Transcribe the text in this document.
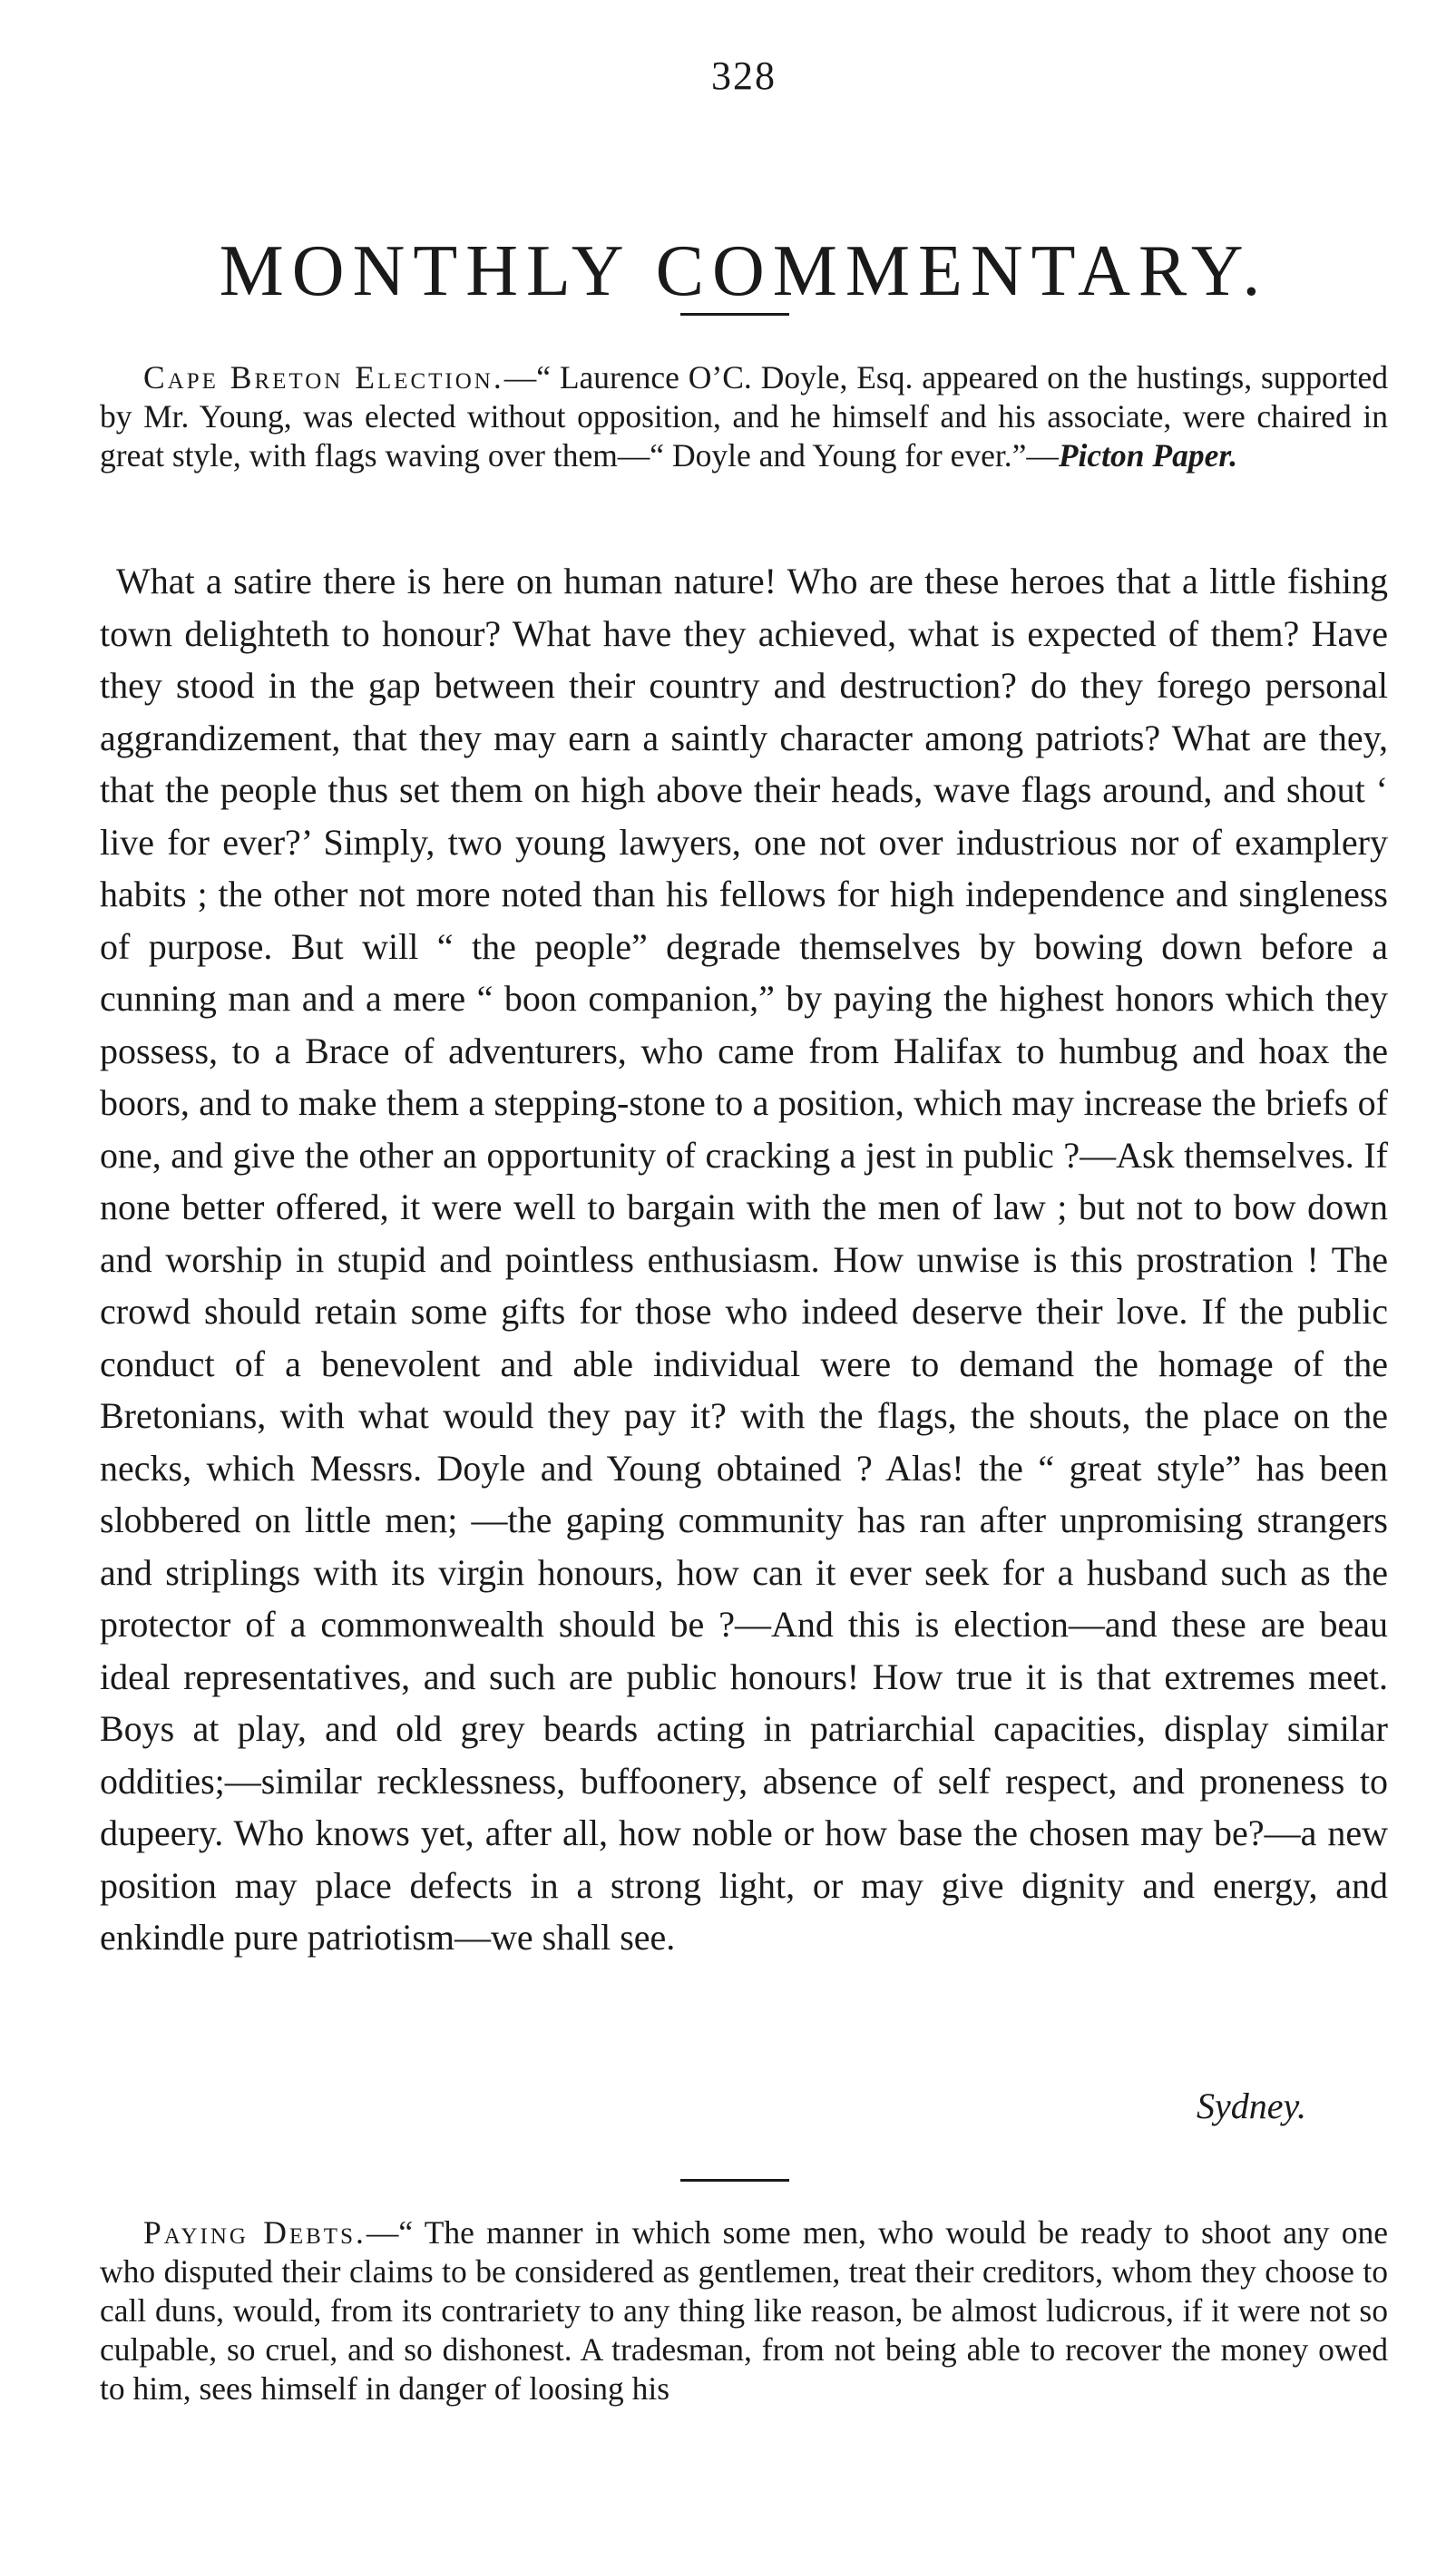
328
MONTHLY COMMENTARY.

Cape Breton Election.—“ Laurence O’C. Doyle, Esq. appeared on the hustings, supported by Mr. Young, was elected without opposition, and he himself and his associate, were chaired in great style, with flags waving over them—“ Doyle and Young for ever.”—Picton Paper.

What a satire there is here on human nature! Who are these heroes that a little fishing town delighteth to honour? What have they achieved, what is expected of them? Have they stood in the gap between their country and destruction? do they forego personal aggrandizement, that they may earn a saintly character among patriots? What are they, that the people thus set them on high above their heads, wave flags around, and shout ‘ live for ever?’ Simply, two young lawyers, one not over industrious nor of examplery habits ; the other not more noted than his fellows for high independence and singleness of purpose. But will “ the people” degrade themselves by bowing down before a cunning man and a mere “ boon companion,” by paying the highest honors which they possess, to a Brace of adventurers, who came from Halifax to humbug and hoax the boors, and to make them a stepping-stone to a position, which may increase the briefs of one, and give the other an opportunity of cracking a jest in public ?—Ask themselves. If none better offered, it were well to bargain with the men of law ; but not to bow down and worship in stupid and pointless enthusiasm. How unwise is this prostration ! The crowd should retain some gifts for those who indeed deserve their love. If the public conduct of a benevolent and able individual were to demand the homage of the Bretonians, with what would they pay it? with the flags, the shouts, the place on the necks, which Messrs. Doyle and Young obtained ? Alas! the “ great style” has been slobbered on little men; —the gaping community has ran after unpromising strangers and striplings with its virgin honours, how can it ever seek for a husband such as the protector of a commonwealth should be ?—And this is election—and these are beau ideal representatives, and such are public honours! How true it is that extremes meet. Boys at play, and old grey beards acting in patriarchial capacities, display similar oddities;—similar recklessness, buffoonery, absence of self respect, and proneness to dupeery. Who knows yet, after all, how noble or how base the chosen may be?—a new position may place defects in a strong light, or may give dignity and energy, and enkindle pure patriotism—we shall see.

Sydney.

Paying Debts.—“ The manner in which some men, who would be ready to shoot any one who disputed their claims to be considered as gentlemen, treat their creditors, whom they choose to call duns, would, from its contrariety to any thing like reason, be almost ludicrous, if it were not so culpable, so cruel, and so dishonest. A tradesman, from not being able to recover the money owed to him, sees himself in danger of loosing his
